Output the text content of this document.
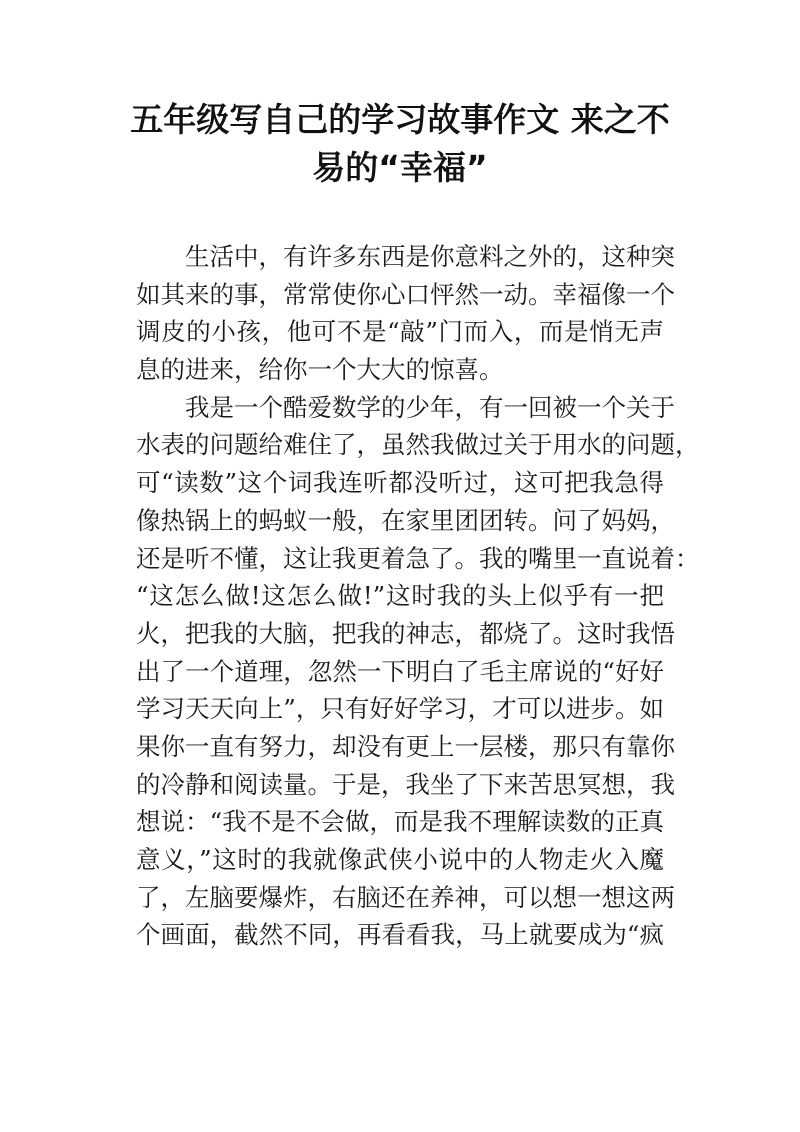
五年级写自己的学习故事作文 来之不
易的“幸福”
生活中，有许多东西是你意料之外的，这种突
如其来的事，常常使你心口怦然一动。幸福像一个
调皮的小孩，他可不是“敲”门而入，而是悄无声
息的进来，给你一个大大的惊喜。
我是一个酷爱数学的少年，有一回被一个关于
水表的问题给难住了，虽然我做过关于用水的问题，
可“读数”这个词我连听都没听过，这可把我急得
像热锅上的蚂蚁一般，在家里团团转。问了妈妈，
还是听不懂，这让我更着急了。我的嘴里一直说着：
“这怎么做!这怎么做!”这时我的头上似乎有一把
火，把我的大脑，把我的神志，都烧了。这时我悟
出了一个道理，忽然一下明白了毛主席说的“好好
学习天天向上”，只有好好学习，才可以进步。如
果你一直有努力，却没有更上一层楼，那只有靠你
的冷静和阅读量。于是，我坐了下来苦思冥想，我
想说：“我不是不会做，而是我不理解读数的正真
意义，”这时的我就像武侠小说中的人物走火入魔
了，左脑要爆炸，右脑还在养神，可以想一想这两
个画面，截然不同，再看看我，马上就要成为“疯
